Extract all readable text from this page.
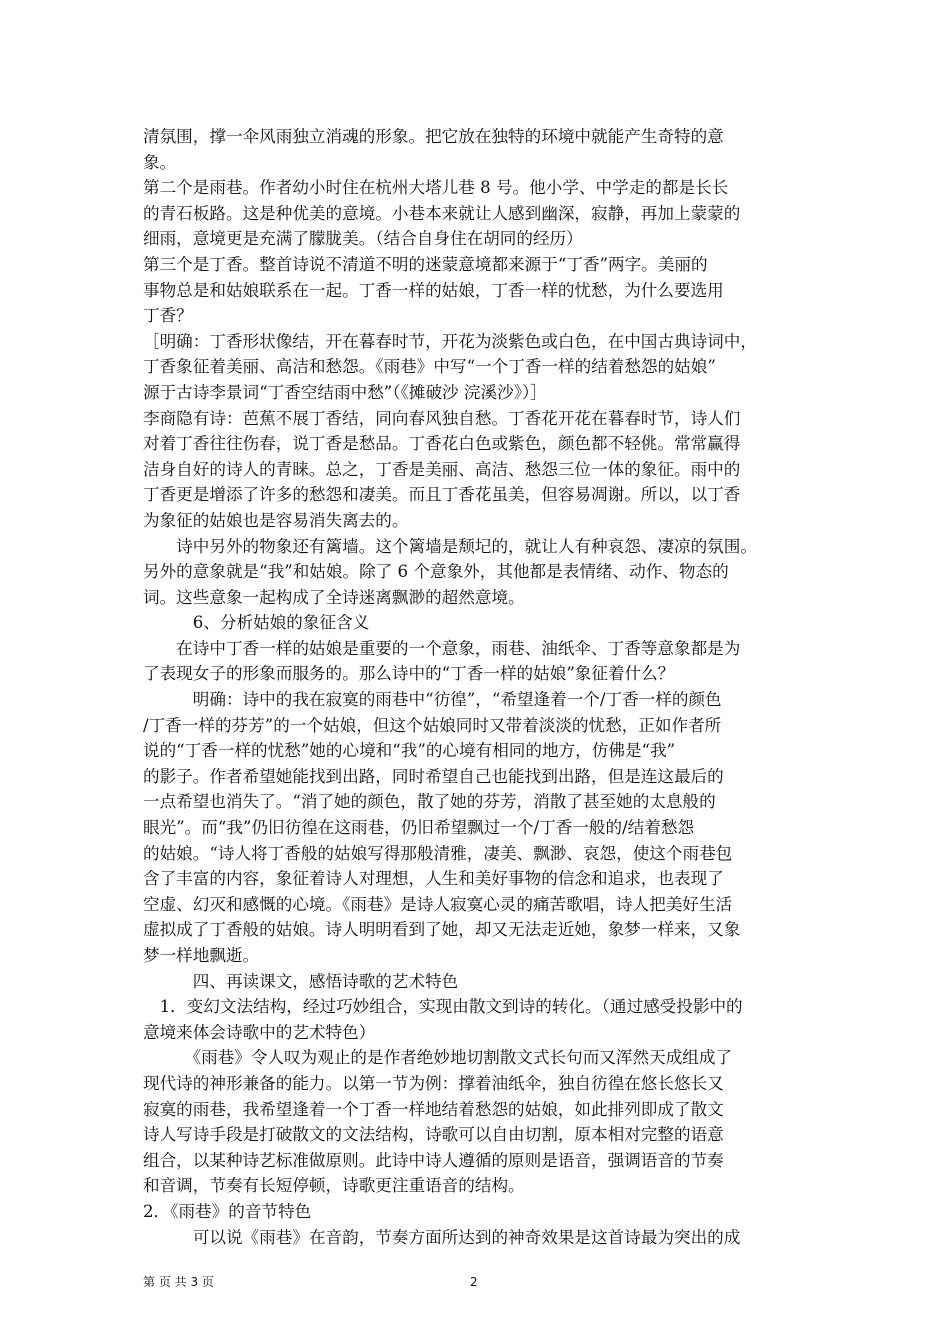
清氛围，撑一伞风雨独立消魂的形象。把它放在独特的环境中就能产生奇特的意
象。
第二个是雨巷。作者幼小时住在杭州大塔儿巷 8 号。他小学、中学走的都是长长
的青石板路。这是种优美的意境。小巷本来就让人感到幽深，寂静，再加上蒙蒙的
细雨，意境更是充满了朦胧美。（结合自身住在胡同的经历）
第三个是丁香。整首诗说不清道不明的迷蒙意境都来源于“丁香”两字。美丽的
事物总是和姑娘联系在一起。丁香一样的姑娘，丁香一样的忧愁，为什么要选用
丁香？
［明确：丁香形状像结，开在暮春时节，开花为淡紫色或白色，在中国古典诗词中，
丁香象征着美丽、高洁和愁怨。《雨巷》中写“一个丁香一样的结着愁怨的姑娘”
源于古诗李景词“丁香空结雨中愁”（《摊破沙 浣溪沙》）］
李商隐有诗：芭蕉不展丁香结，同向春风独自愁。丁香花开花在暮春时节，诗人们
对着丁香往往伤春，说丁香是愁品。丁香花白色或紫色，颜色都不轻佻。常常赢得
洁身自好的诗人的青睐。总之，丁香是美丽、高洁、愁怨三位一体的象征。雨中的
丁香更是增添了许多的愁怨和凄美。而且丁香花虽美，但容易凋谢。所以，以丁香
为象征的姑娘也是容易消失离去的。
　　诗中另外的物象还有篱墙。这个篱墙是颓圮的，就让人有种哀怨、凄凉的氛围。
另外的意象就是“我”和姑娘。除了 6 个意象外，其他都是表情绪、动作、物态的
词。这些意象一起构成了全诗迷离飘渺的超然意境。
　　　6、分析姑娘的象征含义
　　在诗中丁香一样的姑娘是重要的一个意象，雨巷、油纸伞、丁香等意象都是为
了表现女子的形象而服务的。那么诗中的“丁香一样的姑娘”象征着什么？
　　　明确：诗中的我在寂寞的雨巷中“彷徨”，“希望逢着一个/丁香一样的颜色
/丁香一样的芬芳”的一个姑娘，但这个姑娘同时又带着淡淡的忧愁，正如作者所
说的“丁香一样的忧愁”她的心境和“我”的心境有相同的地方，仿佛是“我”
的影子。作者希望她能找到出路，同时希望自己也能找到出路，但是连这最后的
一点希望也消失了。“消了她的颜色，散了她的芬芳，消散了甚至她的太息般的
眼光”。而“我”仍旧彷徨在这雨巷，仍旧希望飘过一个/丁香一般的/结着愁怨
的姑娘。“诗人将丁香般的姑娘写得那般清雅，凄美、飘渺、哀怨，使这个雨巷包
含了丰富的内容，象征着诗人对理想，人生和美好事物的信念和追求，也表现了
空虚、幻灭和感慨的心境。《雨巷》是诗人寂寞心灵的痛苦歌唱，诗人把美好生活
虚拟成了丁香般的姑娘。诗人明明看到了她，却又无法走近她，象梦一样来，又象
梦一样地飘逝。
　　　四、再读课文，感悟诗歌的艺术特色
　1．变幻文法结构，经过巧妙组合，实现由散文到诗的转化。（通过感受投影中的
意境来体会诗歌中的艺术特色）
　　　《雨巷》令人叹为观止的是作者绝妙地切割散文式长句而又浑然天成组成了
现代诗的神形兼备的能力。以第一节为例：撑着油纸伞，独自彷徨在悠长悠长又
寂寞的雨巷，我希望逢着一个丁香一样地结着愁怨的姑娘，如此排列即成了散文
诗人写诗手段是打破散文的文法结构，诗歌可以自由切割，原本相对完整的语意
组合，以某种诗艺标准做原则。此诗中诗人遵循的原则是语音，强调语音的节奏
和音调，节奏有长短停顿，诗歌更注重语音的结构。
2．《雨巷》的音节特色
　　　可以说《雨巷》在音韵，节奏方面所达到的神奇效果是这首诗最为突出的成
第 页 共 3 页	2
